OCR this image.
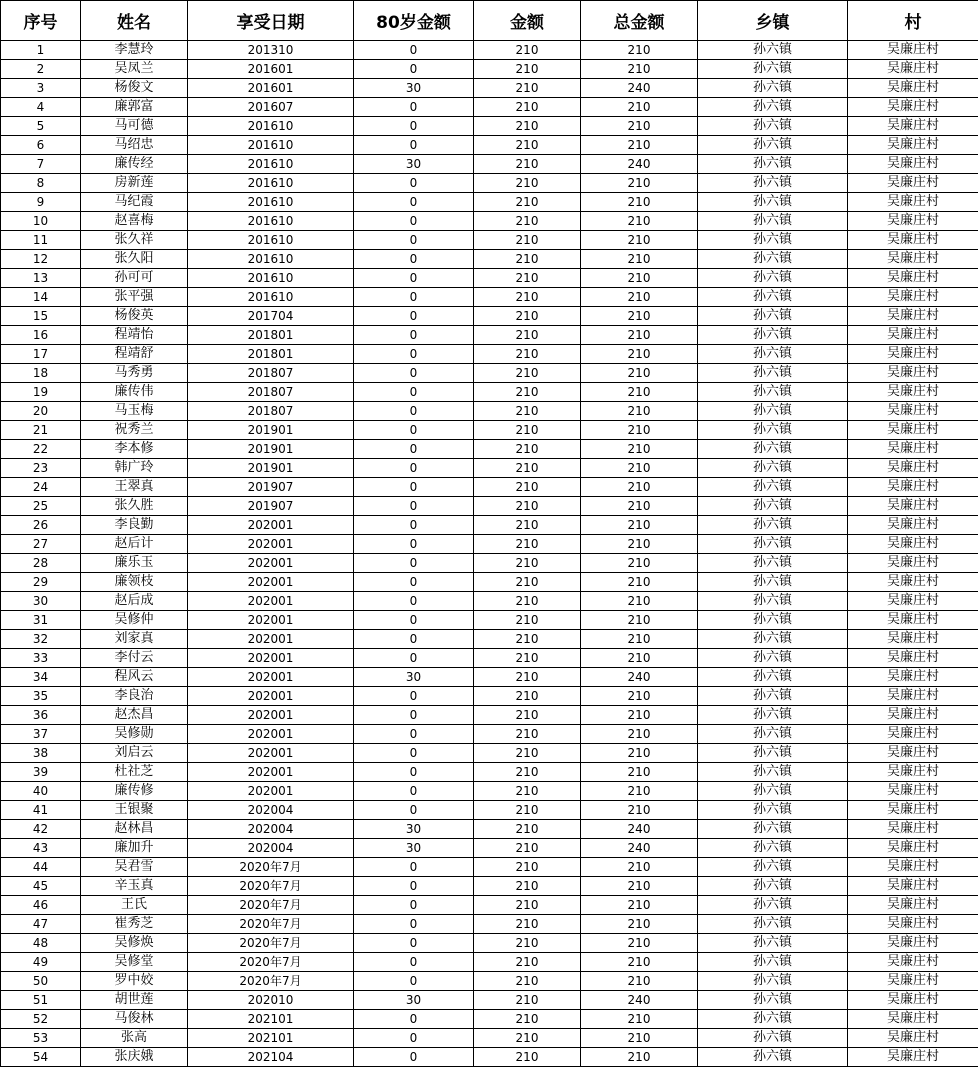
序号	姓名	享受日期	80岁金额	金额	总金额	乡镇	村
1	李慧玲	201310	0	210	210	孙六镇	吴廉庄村
2	吴凤兰	201601	0	210	210	孙六镇	吴廉庄村
3	杨俊文	201601	30	210	240	孙六镇	吴廉庄村
4	廉郭富	201607	0	210	210	孙六镇	吴廉庄村
5	马可德	201610	0	210	210	孙六镇	吴廉庄村
6	马绍忠	201610	0	210	210	孙六镇	吴廉庄村
7	廉传经	201610	30	210	240	孙六镇	吴廉庄村
8	房新莲	201610	0	210	210	孙六镇	吴廉庄村
9	马纪霞	201610	0	210	210	孙六镇	吴廉庄村
10	赵喜梅	201610	0	210	210	孙六镇	吴廉庄村
11	张久祥	201610	0	210	210	孙六镇	吴廉庄村
12	张久阳	201610	0	210	210	孙六镇	吴廉庄村
13	孙可可	201610	0	210	210	孙六镇	吴廉庄村
14	张平强	201610	0	210	210	孙六镇	吴廉庄村
15	杨俊英	201704	0	210	210	孙六镇	吴廉庄村
16	程靖怡	201801	0	210	210	孙六镇	吴廉庄村
17	程靖舒	201801	0	210	210	孙六镇	吴廉庄村
18	马秀勇	201807	0	210	210	孙六镇	吴廉庄村
19	廉传伟	201807	0	210	210	孙六镇	吴廉庄村
20	马玉梅	201807	0	210	210	孙六镇	吴廉庄村
21	祝秀兰	201901	0	210	210	孙六镇	吴廉庄村
22	李本修	201901	0	210	210	孙六镇	吴廉庄村
23	韩广玲	201901	0	210	210	孙六镇	吴廉庄村
24	王翠真	201907	0	210	210	孙六镇	吴廉庄村
25	张久胜	201907	0	210	210	孙六镇	吴廉庄村
26	李良勤	202001	0	210	210	孙六镇	吴廉庄村
27	赵后计	202001	0	210	210	孙六镇	吴廉庄村
28	廉乐玉	202001	0	210	210	孙六镇	吴廉庄村
29	廉领枝	202001	0	210	210	孙六镇	吴廉庄村
30	赵后成	202001	0	210	210	孙六镇	吴廉庄村
31	吴修仲	202001	0	210	210	孙六镇	吴廉庄村
32	刘家真	202001	0	210	210	孙六镇	吴廉庄村
33	李付云	202001	0	210	210	孙六镇	吴廉庄村
34	程风云	202001	30	210	240	孙六镇	吴廉庄村
35	李良治	202001	0	210	210	孙六镇	吴廉庄村
36	赵杰昌	202001	0	210	210	孙六镇	吴廉庄村
37	吴修勋	202001	0	210	210	孙六镇	吴廉庄村
38	刘启云	202001	0	210	210	孙六镇	吴廉庄村
39	杜社芝	202001	0	210	210	孙六镇	吴廉庄村
40	廉传修	202001	0	210	210	孙六镇	吴廉庄村
41	王银聚	202004	0	210	210	孙六镇	吴廉庄村
42	赵林昌	202004	30	210	240	孙六镇	吴廉庄村
43	廉加升	202004	30	210	240	孙六镇	吴廉庄村
44	吴君雪	2020年7月	0	210	210	孙六镇	吴廉庄村
45	辛玉真	2020年7月	0	210	210	孙六镇	吴廉庄村
46	王氏	2020年7月	0	210	210	孙六镇	吴廉庄村
47	崔秀芝	2020年7月	0	210	210	孙六镇	吴廉庄村
48	吴修焕	2020年7月	0	210	210	孙六镇	吴廉庄村
49	吴修堂	2020年7月	0	210	210	孙六镇	吴廉庄村
50	罗中姣	2020年7月	0	210	210	孙六镇	吴廉庄村
51	胡世莲	202010	30	210	240	孙六镇	吴廉庄村
52	马俊林	202101	0	210	210	孙六镇	吴廉庄村
53	张高	202101	0	210	210	孙六镇	吴廉庄村
54	张庆娥	202104	0	210	210	孙六镇	吴廉庄村
